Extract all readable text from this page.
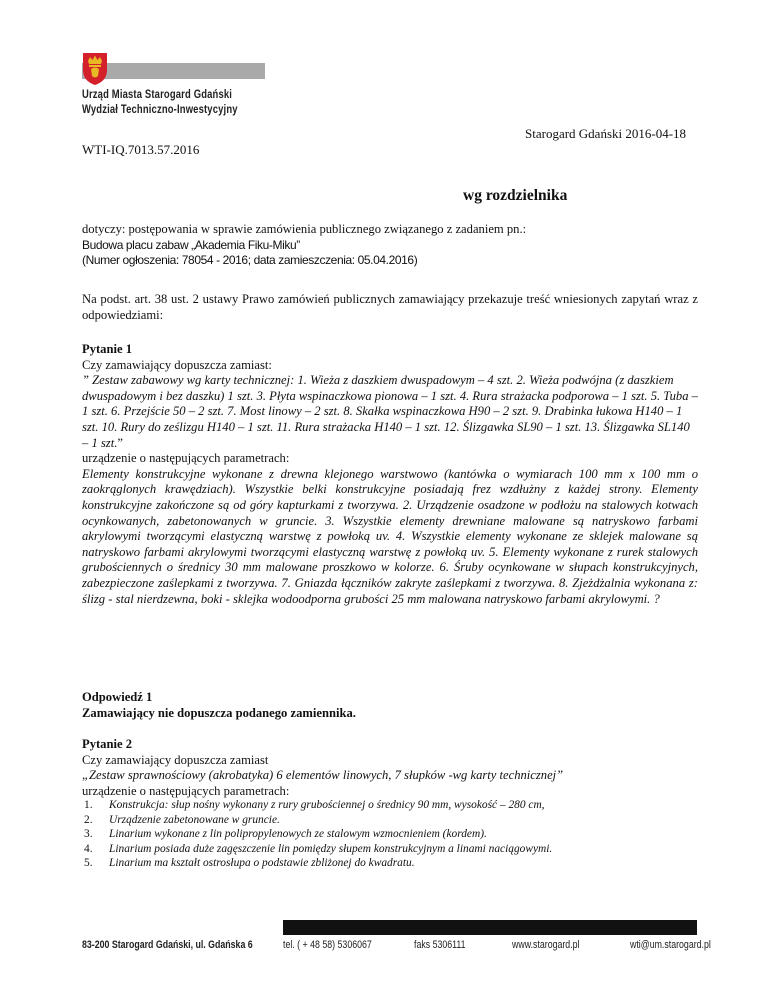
Urząd Miasta Starogard Gdański
Wydział Techniczno-Inwestycyjny
Starogard Gdański 2016-04-18
WTI-IQ.7013.57.2016
wg rozdzielnika
dotyczy: postępowania w sprawie zamówienia publicznego związanego z zadaniem pn.:
Budowa placu zabaw „Akademia Fiku-Miku”
(Numer ogłoszenia: 78054 - 2016; data zamieszczenia: 05.04.2016)
Na podst. art. 38 ust. 2 ustawy Prawo zamówień publicznych zamawiający przekazuje treść wniesionych zapytań wraz z odpowiedziami:
Pytanie 1
Czy zamawiający dopuszcza zamiast:
” Zestaw zabawowy wg karty technicznej: 1. Wieża z daszkiem dwuspadowym – 4 szt. 2. Wieża podwójna (z daszkiem dwuspadowym i bez daszku) 1 szt. 3. Płyta wspinaczkowa pionowa – 1 szt. 4. Rura strażacka podporowa – 1 szt. 5. Tuba – 1 szt. 6. Przejście 50 – 2 szt. 7. Most linowy – 2 szt. 8. Skałka wspinaczkowa H90 – 2 szt. 9. Drabinka łukowa H140 – 1 szt. 10. Rury do ześlizgu H140 – 1 szt. 11. Rura strażacka H140 – 1 szt. 12. Ślizgawka SL90 – 1 szt. 13. Ślizgawka SL140 – 1 szt.”
urządzenie o następujących parametrach:
Elementy konstrukcyjne wykonane z drewna klejonego warstwowo (kantówka o wymiarach 100 mm x 100 mm o zaokrąglonych krawędziach). Wszystkie belki konstrukcyjne posiadają frez wzdłużny z każdej strony. Elementy konstrukcyjne zakończone są od góry kapturkami z tworzywa. 2. Urządzenie osadzone w podłożu na stalowych kotwach ocynkowanych, zabetonowanych w gruncie. 3. Wszystkie elementy drewniane malowane są natryskowo farbami akrylowymi tworzącymi elastyczną warstwę z powłoką uv. 4. Wszystkie elementy wykonane ze sklejek malowane są natryskowo farbami akrylowymi tworzącymi elastyczną warstwę z powłoką uv. 5. Elementy wykonane z rurek stalowych grubościennych o średnicy 30 mm malowane proszkowo w kolorze. 6. Śruby ocynkowane w słupach konstrukcyjnych, zabezpieczone zaślepkami z tworzywa. 7. Gniazda łączników zakryte zaślepkami z tworzywa. 8. Zjeżdżalnia wykonana z: ślizg - stal nierdzewna, boki - sklejka wodoodporna grubości 25 mm malowana natryskowo farbami akrylowymi. ?
Odpowiedź 1
Zamawiający nie dopuszcza podanego zamiennika.
Pytanie 2
Czy zamawiający dopuszcza zamiast
„Zestaw sprawnościowy (akrobatyka) 6 elementów linowych, 7 słupków -wg karty technicznej”
urządzenie o następujących parametrach:
1. Konstrukcja: słup nośny wykonany z rury grubościennej o średnicy 90 mm, wysokość – 280 cm,
2. Urządzenie zabetonowane w gruncie.
3. Linarium wykonane z lin polipropylenowych ze stalowym wzmocnieniem (kordem).
4. Linarium posiada duże zagęszczenie lin pomiędzy słupem konstrukcyjnym a linami naciągowymi.
5. Linarium ma kształt ostrosłupa o podstawie zbliżonej do kwadratu.
83-200 Starogard Gdański, ul. Gdańska 6	tel. ( + 48 58) 5306067	faks 5306111	www.starogard.pl	wti@um.starogard.pl
